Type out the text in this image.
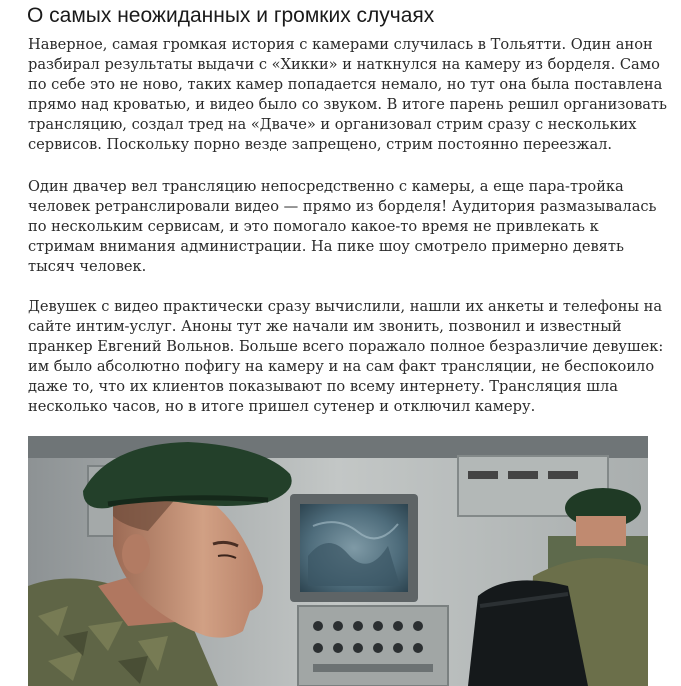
О самых неожиданных и громких случаях

Наверное, самая громкая история с камерами случилась в Тольятти. Один анон
разбирал результаты выдачи с «Хикки» и наткнулся на камеру из борделя. Само
по себе это не ново, таких камер попадается немало, но тут она была поставлена
прямо над кроватью, и видео было со звуком. В итоге парень решил организовать
трансляцию, создал тред на «Двaче» и организовал стрим сразу с нескольких
сервисов. Поскольку порно везде запрещено, стрим постоянно переезжал.

Один двачер вел трансляцию непосредственно с камеры, а еще пара-тройка
человек ретранслировали видео — прямо из борделя! Аудитория размазывалась
по нескольким сервисам, и это помогало какое-то время не привлекать к
стримам внимания администрации. На пике шоу смотрело примерно девять
тысяч человек.

Девушек с видео практически сразу вычислили, нашли их анкеты и телефоны на
сайте интим-услуг. Аноны тут же начали им звонить, позвонил и известный
пранкер Евгений Вольнов. Больше всего поражало полное безразличие девушек:
им было абсолютно пофигу на камеру и на сам факт трансляции, не беспокоило
даже то, что их клиентов показывают по всему интернету. Трансляция шла
несколько часов, но в итоге пришел сутенер и отключил камеру.
